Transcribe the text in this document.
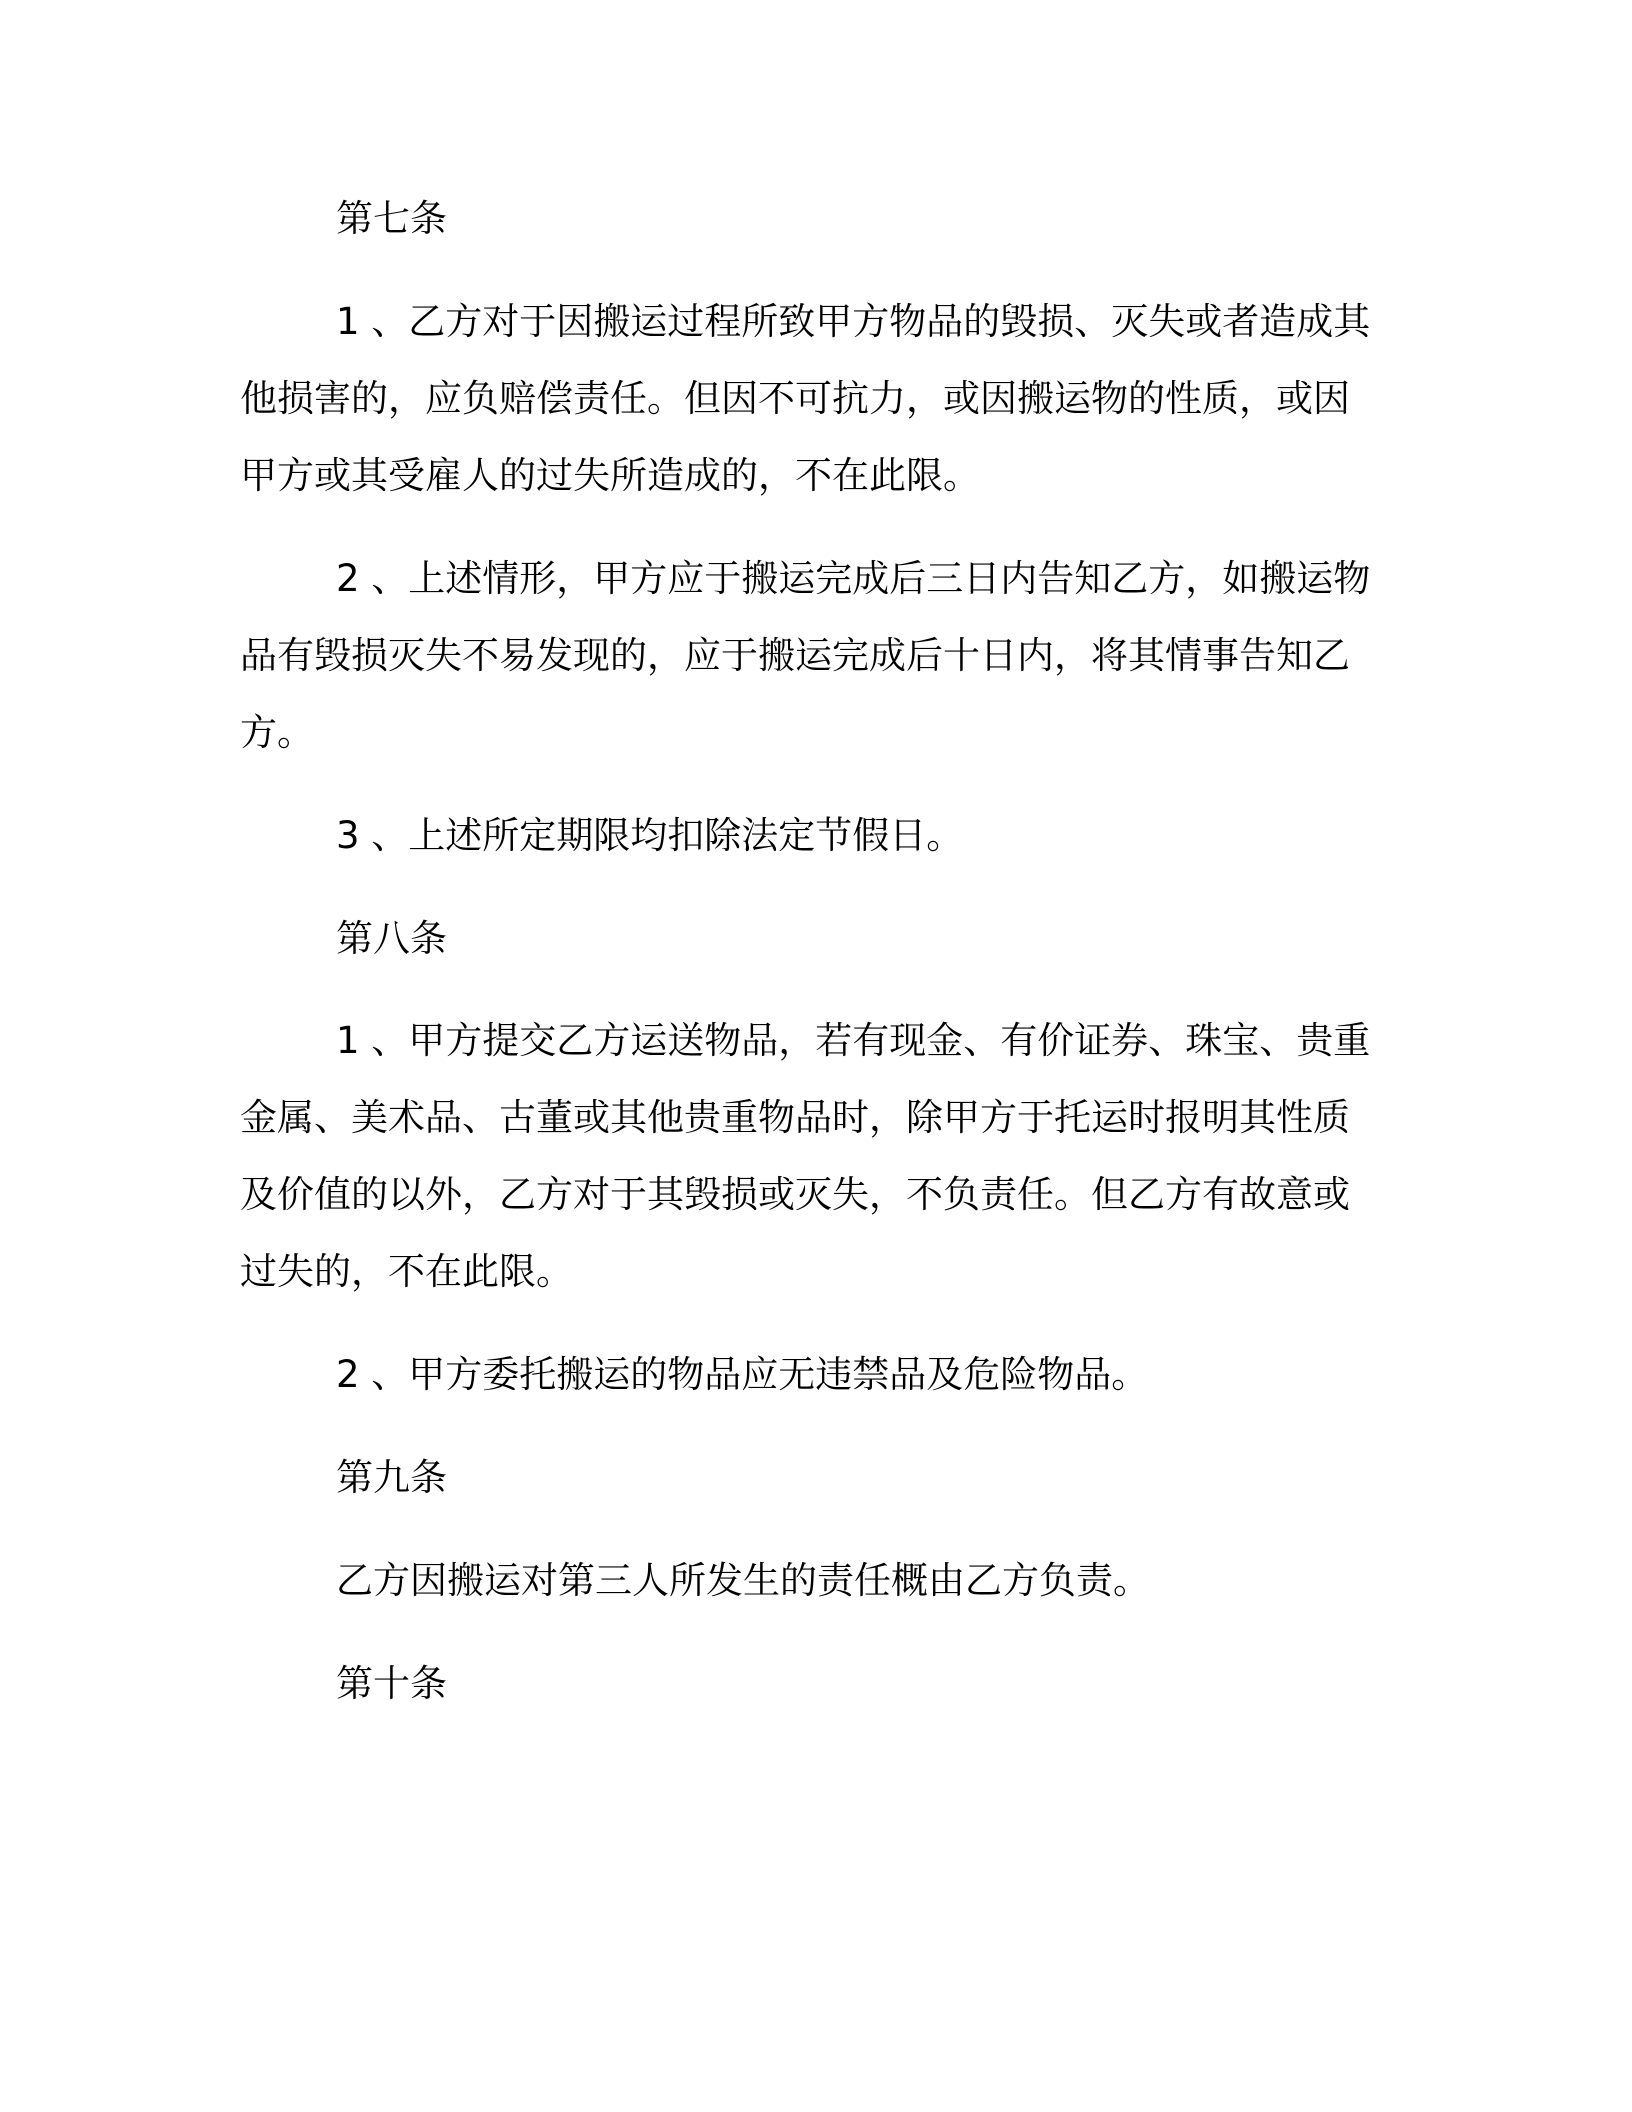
第七条

1 、乙方对于因搬运过程所致甲方物品的毁损、灭失或者造成其他损害的，应负赔偿责任。但因不可抗力，或因搬运物的性质，或因甲方或其受雇人的过失所造成的，不在此限。

2 、上述情形，甲方应于搬运完成后三日内告知乙方，如搬运物品有毁损灭失不易发现的，应于搬运完成后十日内，将其情事告知乙方。

3 、上述所定期限均扣除法定节假日。

第八条

1 、甲方提交乙方运送物品，若有现金、有价证券、珠宝、贵重金属、美术品、古董或其他贵重物品时，除甲方于托运时报明其性质及价值的以外，乙方对于其毁损或灭失，不负责任。但乙方有故意或过失的，不在此限。

2 、甲方委托搬运的物品应无违禁品及危险物品。

第九条

乙方因搬运对第三人所发生的责任概由乙方负责。

第十条
